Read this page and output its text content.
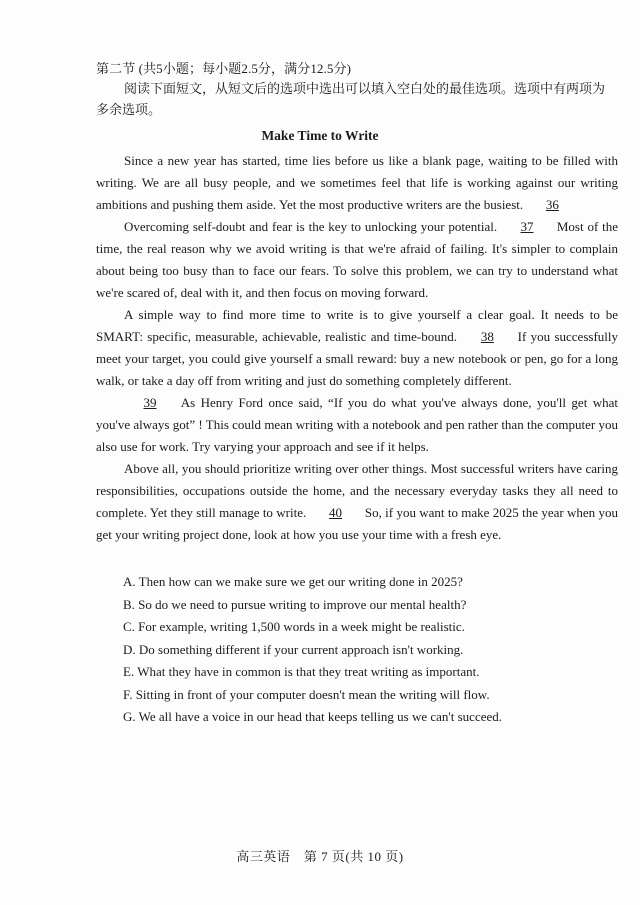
第二节 (共5小题；每小题2.5分，满分12.5分)

阅读下面短文，从短文后的选项中选出可以填入空白处的最佳选项。选项中有两项为多余选项。

Make Time to Write

Since a new year has started, time lies before us like a blank page, waiting to be filled with writing. We are all busy people, and we sometimes feel that life is working against our writing ambitions and pushing them aside. Yet the most productive writers are the busiest. 36

Overcoming self-doubt and fear is the key to unlocking your potential. 37 Most of the time, the real reason why we avoid writing is that we're afraid of failing. It's simpler to complain about being too busy than to face our fears. To solve this problem, we can try to understand what we're scared of, deal with it, and then focus on moving forward.

A simple way to find more time to write is to give yourself a clear goal. It needs to be SMART: specific, measurable, achievable, realistic and time-bound. 38 If you successfully meet your target, you could give yourself a small reward: buy a new notebook or pen, go for a long walk, or take a day off from writing and just do something completely different.

39 As Henry Ford once said, “If you do what you've always done, you'll get what you've always got” ! This could mean writing with a notebook and pen rather than the computer you also use for work. Try varying your approach and see if it helps.

Above all, you should prioritize writing over other things. Most successful writers have caring responsibilities, occupations outside the home, and the necessary everyday tasks they all need to complete. Yet they still manage to write. 40 So, if you want to make 2025 the year when you get your writing project done, look at how you use your time with a fresh eye.

A. Then how can we make sure we get our writing done in 2025?
B. So do we need to pursue writing to improve our mental health?
C. For example, writing 1,500 words in a week might be realistic.
D. Do something different if your current approach isn't working.
E. What they have in common is that they treat writing as important.
F. Sitting in front of your computer doesn't mean the writing will flow.
G. We all have a voice in our head that keeps telling us we can't succeed.
高三英语　第 7 页(共 10 页)
